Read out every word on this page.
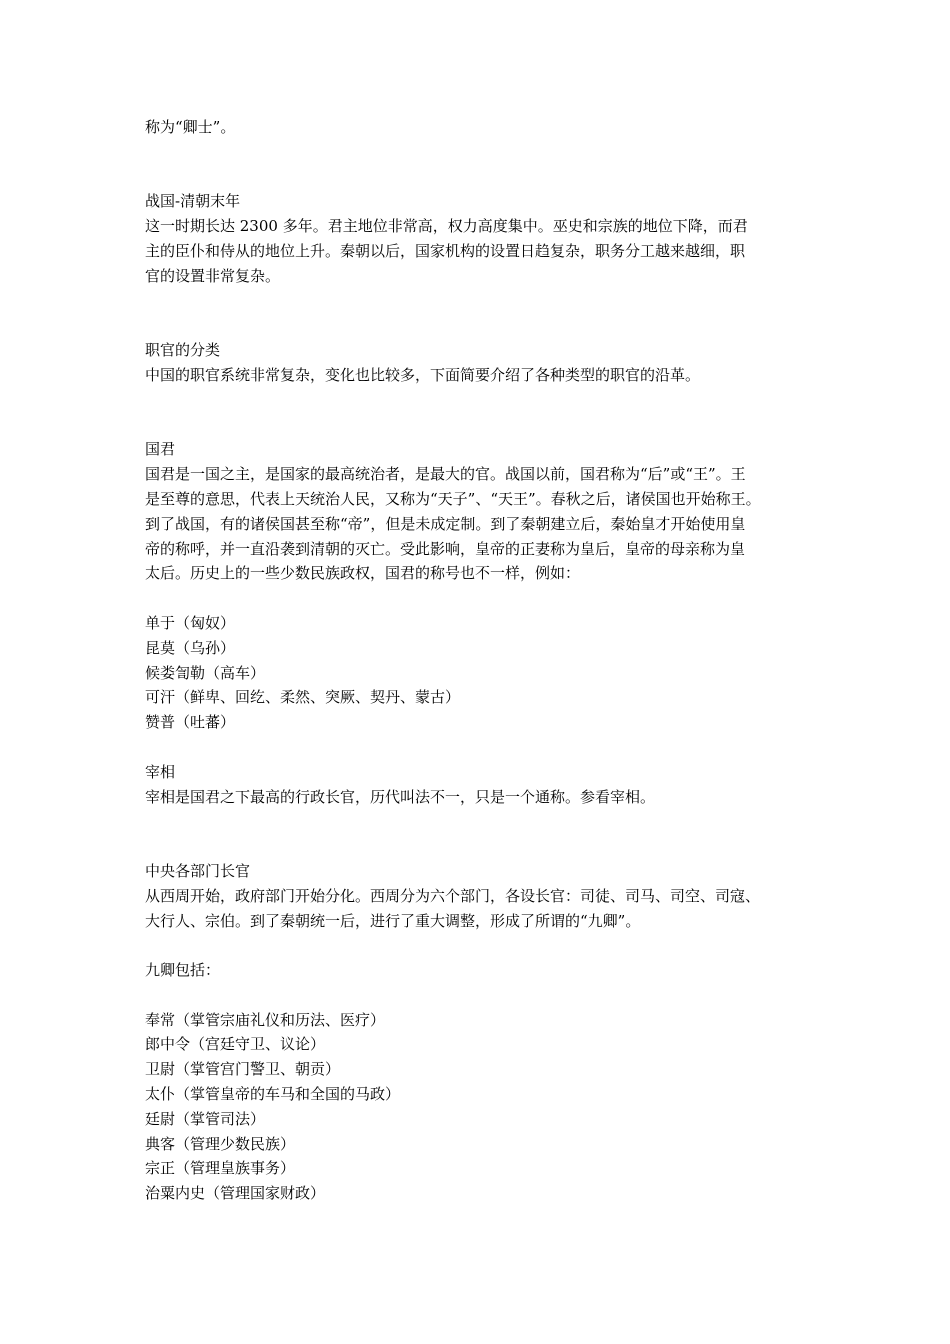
称为“卿士”。

战国-清朝末年

这一时期长达 2300 多年。君主地位非常高，权力高度集中。巫史和宗族的地位下降，而君

主的臣仆和侍从的地位上升。秦朝以后，国家机构的设置日趋复杂，职务分工越来越细，职

官的设置非常复杂。

职官的分类

中国的职官系统非常复杂，变化也比较多，下面简要介绍了各种类型的职官的沿革。

国君

国君是一国之主，是国家的最高统治者，是最大的官。战国以前，国君称为“后”或“王”。王

是至尊的意思，代表上天统治人民，又称为“天子”、“天王”。春秋之后，诸侯国也开始称王。

到了战国，有的诸侯国甚至称“帝”，但是未成定制。到了秦朝建立后，秦始皇才开始使用皇

帝的称呼，并一直沿袭到清朝的灭亡。受此影响，皇帝的正妻称为皇后，皇帝的母亲称为皇

太后。历史上的一些少数民族政权，国君的称号也不一样，例如：

单于（匈奴）

昆莫（乌孙）

候娄訇勒（高车）

可汗（鲜卑、回纥、柔然、突厥、契丹、蒙古）

赞普（吐蕃）

宰相

宰相是国君之下最高的行政长官，历代叫法不一，只是一个通称。参看宰相。

中央各部门长官

从西周开始，政府部门开始分化。西周分为六个部门，各设长官：司徒、司马、司空、司寇、

大行人、宗伯。到了秦朝统一后，进行了重大调整，形成了所谓的“九卿”。

九卿包括：

奉常（掌管宗庙礼仪和历法、医疗）

郎中令（宫廷守卫、议论）

卫尉（掌管宫门警卫、朝贡）

太仆（掌管皇帝的车马和全国的马政）

廷尉（掌管司法）

典客（管理少数民族）

宗正（管理皇族事务）

治粟内史（管理国家财政）
